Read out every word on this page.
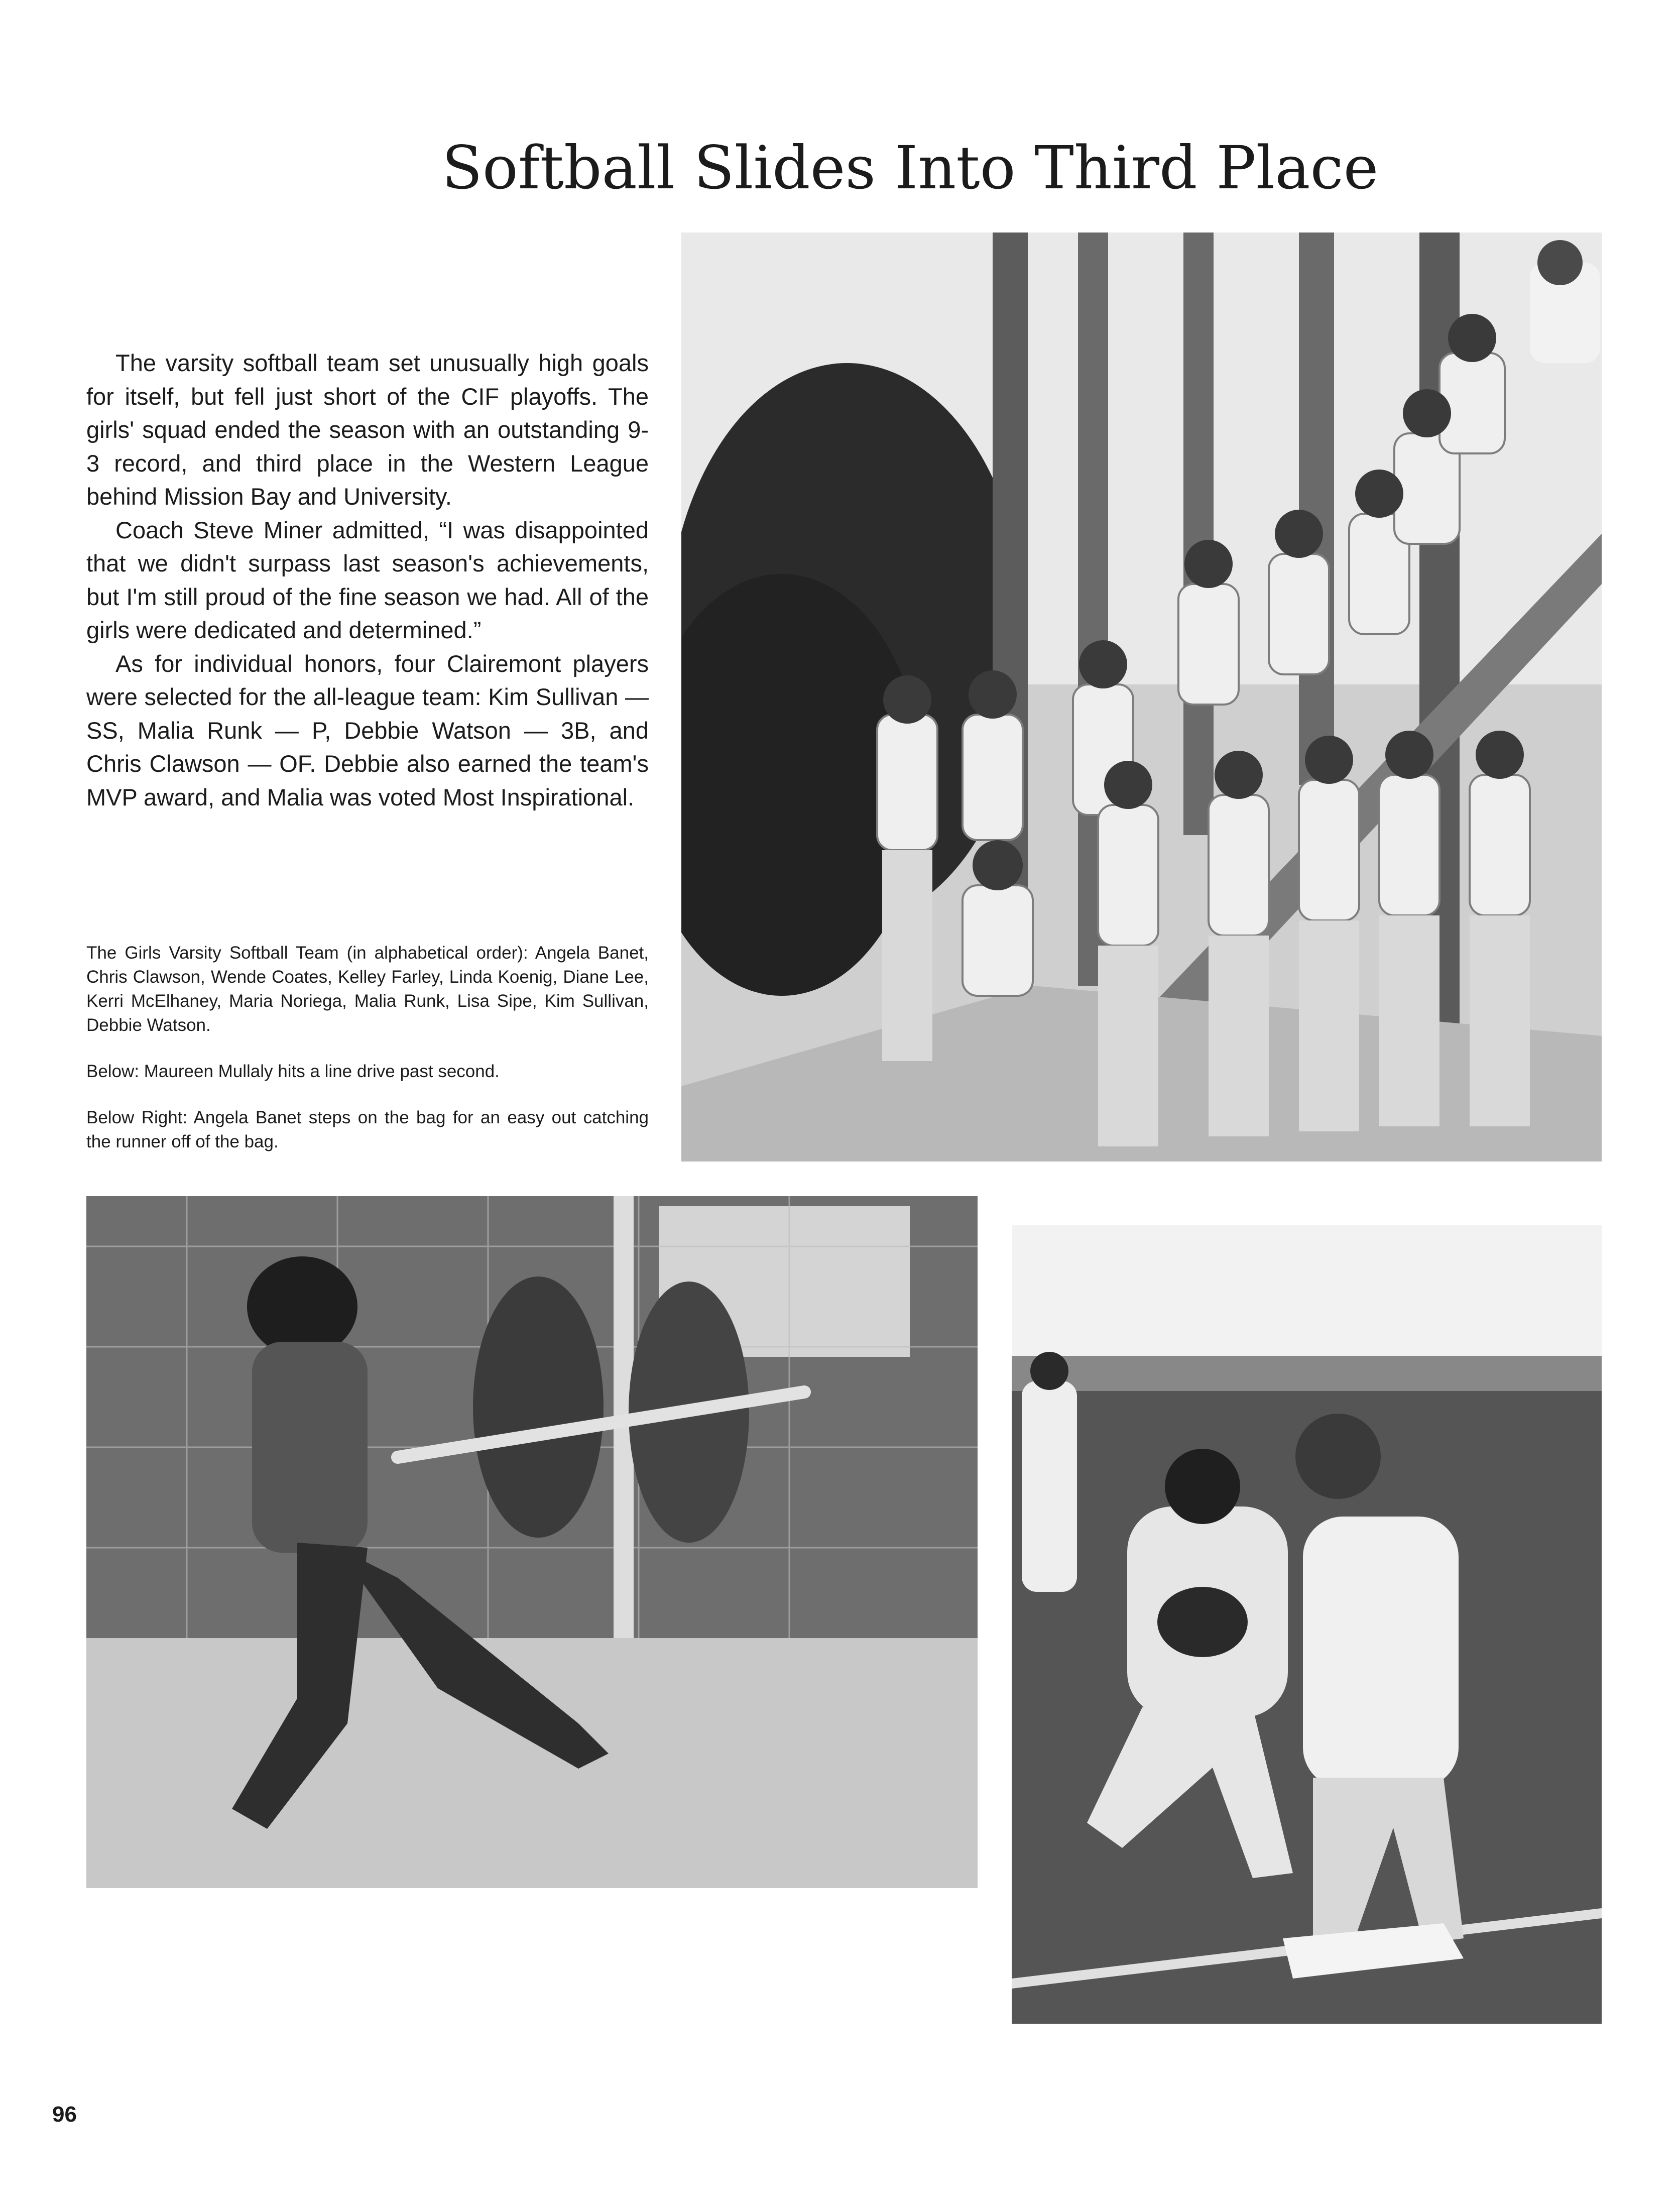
Softball Slides Into Third Place

The varsity softball team set unusually high goals for itself, but fell just short of the CIF playoffs. The girls' squad ended the season with an outstanding 9-3 record, and third place in the Western League behind Mission Bay and University.

Coach Steve Miner admitted, “I was disappointed that we didn't surpass last season's achievements, but I'm still proud of the fine season we had. All of the girls were dedicated and determined.”

As for individual honors, four Clairemont players were selected for the all-league team: Kim Sullivan — SS, Malia Runk — P, Debbie Watson — 3B, and Chris Clawson — OF. Debbie also earned the team's MVP award, and Malia was voted Most Inspirational.

The Girls Varsity Softball Team (in alphabetical order): Angela Banet, Chris Clawson, Wende Coates, Kelley Farley, Linda Koenig, Diane Lee, Kerri McElhaney, Maria Noriega, Malia Runk, Lisa Sipe, Kim Sullivan, Debbie Watson.

Below: Maureen Mullaly hits a line drive past second.

Below Right: Angela Banet steps on the bag for an easy out catching the runner off of the bag.

96
